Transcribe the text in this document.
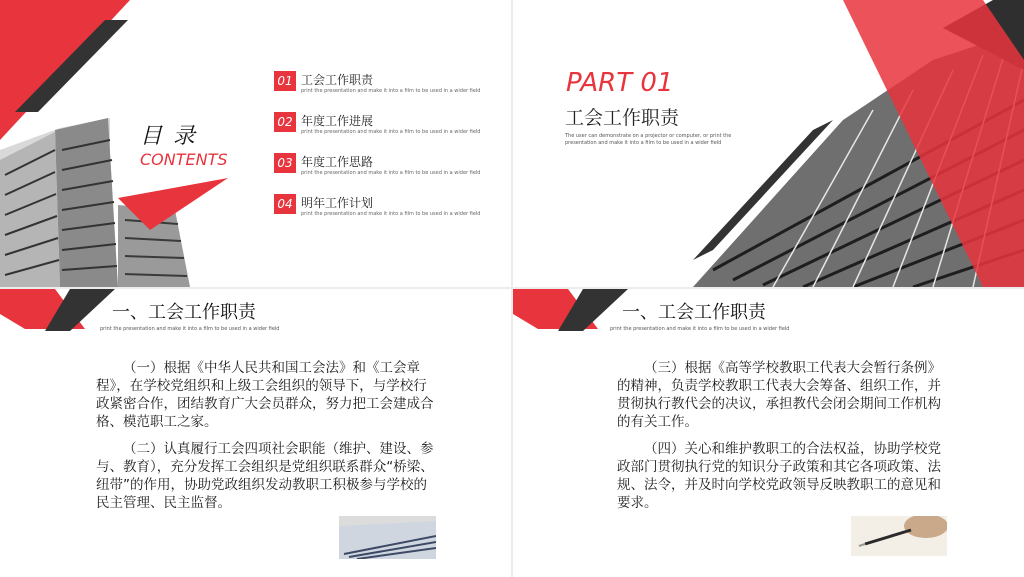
目 录
CONTENTS
01 工会工作职责
print the presentation and make it into a film to be used in a wider field
02 年度工作进展
print the presentation and make it into a film to be used in a wider field
03 年度工作思路
print the presentation and make it into a film to be used in a wider field
04 明年工作计划
print the presentation and make it into a film to be used in a wider field
PART 01
工会工作职责
The user can demonstrate on a projector or computer, or print the
presentation and make it into a film to be used in a wider field
一、工会工作职责
print the presentation and make it into a film to be used in a wider field

（一）根据《中华人民共和国工会法》和《工会章程》，在学校党组织和上级工会组织的领导下，与学校行政紧密合作，团结教育广大会员群众，努力把工会建成合格、模范职工之家。

（二）认真履行工会四项社会职能（维护、建设、参与、教育），充分发挥工会组织是党组织联系群众“桥梁、纽带”的作用，协助党政组织发动教职工积极参与学校的民主管理、民主监督。

一、工会工作职责
print the presentation and make it into a film to be used in a wider field

（三）根据《高等学校教职工代表大会暂行条例》的精神，负责学校教职工代表大会筹备、组织工作，并贯彻执行教代会的决议，承担教代会闭会期间工作机构的有关工作。

（四）关心和维护教职工的合法权益，协助学校党政部门贯彻执行党的知识分子政策和其它各项政策、法规、法令，并及时向学校党政领导反映教职工的意见和要求。
